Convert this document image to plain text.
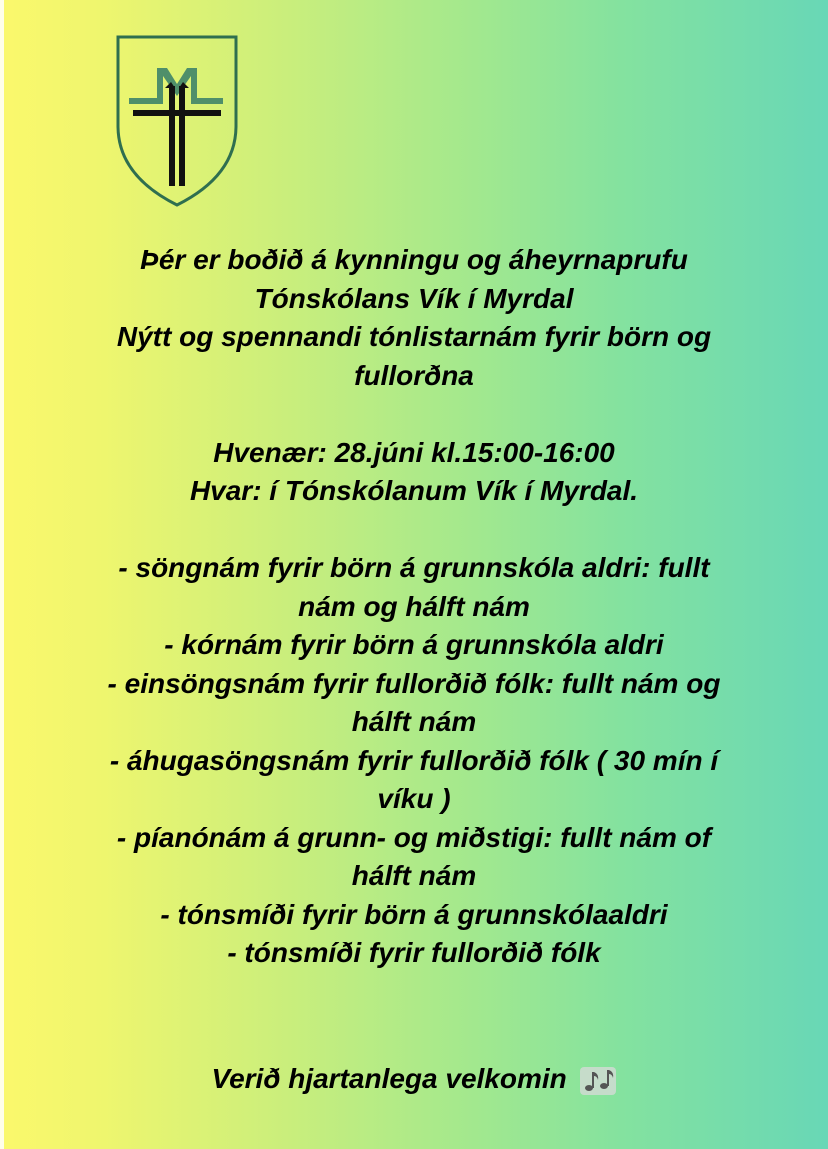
Þér er boðið á kynningu og áheyrnaprufu
Tónskólans Vík í Myrdal
Nýtt og spennandi tónlistarnám fyrir börn og
fullorðna
Hvenær: 28.júni kl.15:00-16:00
Hvar: í Tónskólanum Vík í Myrdal.
- söngnám fyrir börn á grunnskóla aldri: fullt
nám og hálft nám
- kórnám fyrir börn á grunnskóla aldri
- einsöngsnám fyrir fullorðið fólk: fullt nám og
hálft nám
- áhugasöngsnám fyrir fullorðið fólk ( 30 mín í
víku )
- píanónám á grunn- og miðstigi: fullt nám of
hálft nám
- tónsmíði fyrir börn á grunnskólaaldri
- tónsmíði fyrir fullorðið fólk
Verið hjartanlega velkomin
